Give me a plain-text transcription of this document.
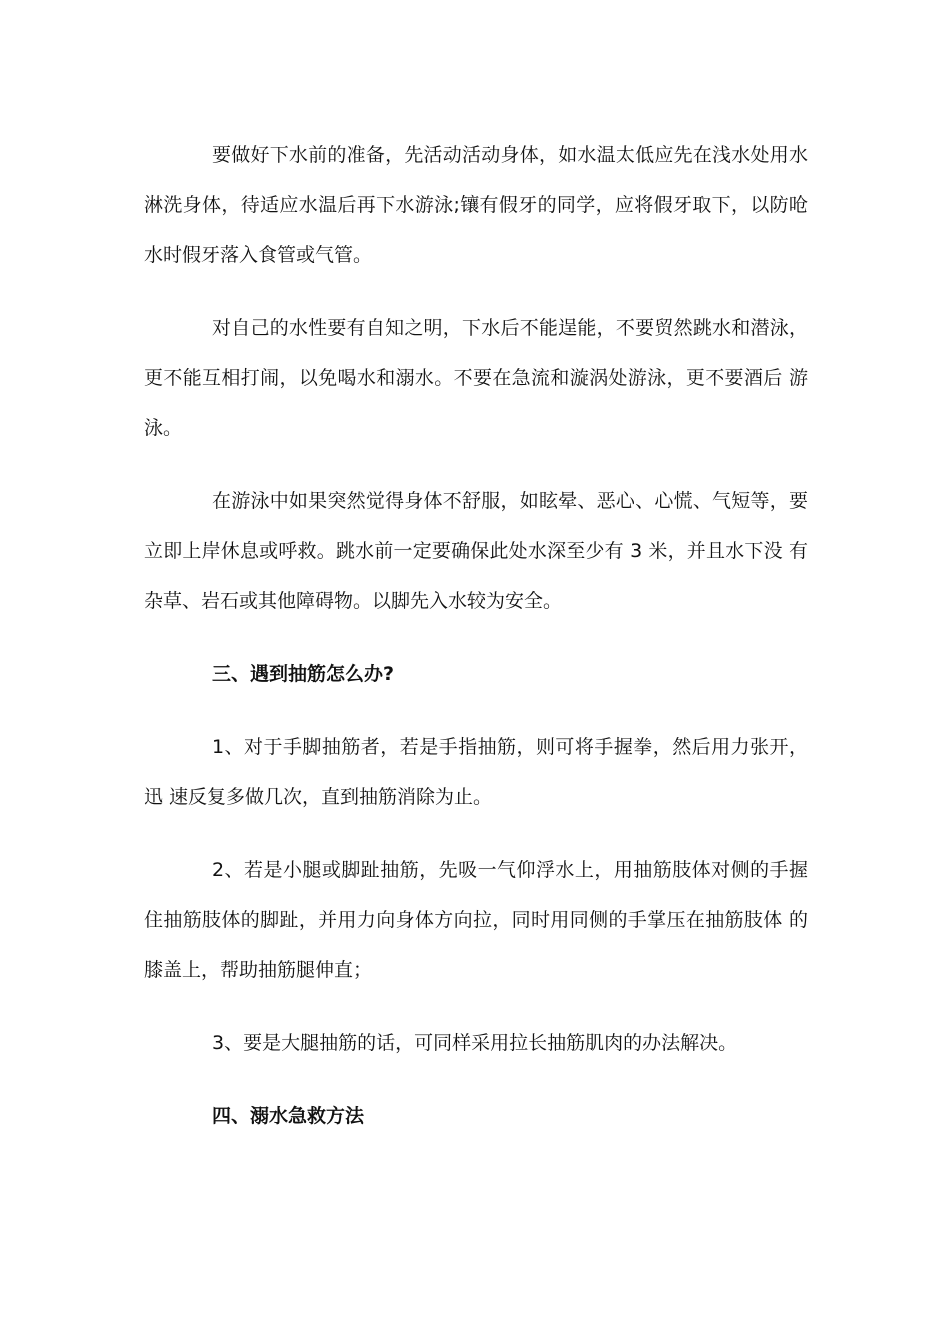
要做好下水前的准备，先活动活动身体，如水温太低应先在浅水处用水淋洗身体，待适应水温后再下水游泳;镶有假牙的同学，应将假牙取下，以防呛水时假牙落入食管或气管。

对自己的水性要有自知之明，下水后不能逞能，不要贸然跳水和潜泳，更不能互相打闹，以免喝水和溺水。不要在急流和漩涡处游泳，更不要酒后 游泳。

在游泳中如果突然觉得身体不舒服，如眩晕、恶心、心慌、气短等，要立即上岸休息或呼救。跳水前一定要确保此处水深至少有 3 米，并且水下没 有杂草、岩石或其他障碍物。以脚先入水较为安全。

三、遇到抽筋怎么办?

1、对于手脚抽筋者，若是手指抽筋，则可将手握拳，然后用力张开，迅 速反复多做几次，直到抽筋消除为止。

2、若是小腿或脚趾抽筋，先吸一气仰浮水上，用抽筋肢体对侧的手握住抽筋肢体的脚趾，并用力向身体方向拉，同时用同侧的手掌压在抽筋肢体 的膝盖上，帮助抽筋腿伸直；

3、要是大腿抽筋的话，可同样采用拉长抽筋肌肉的办法解决。

四、溺水急救方法
